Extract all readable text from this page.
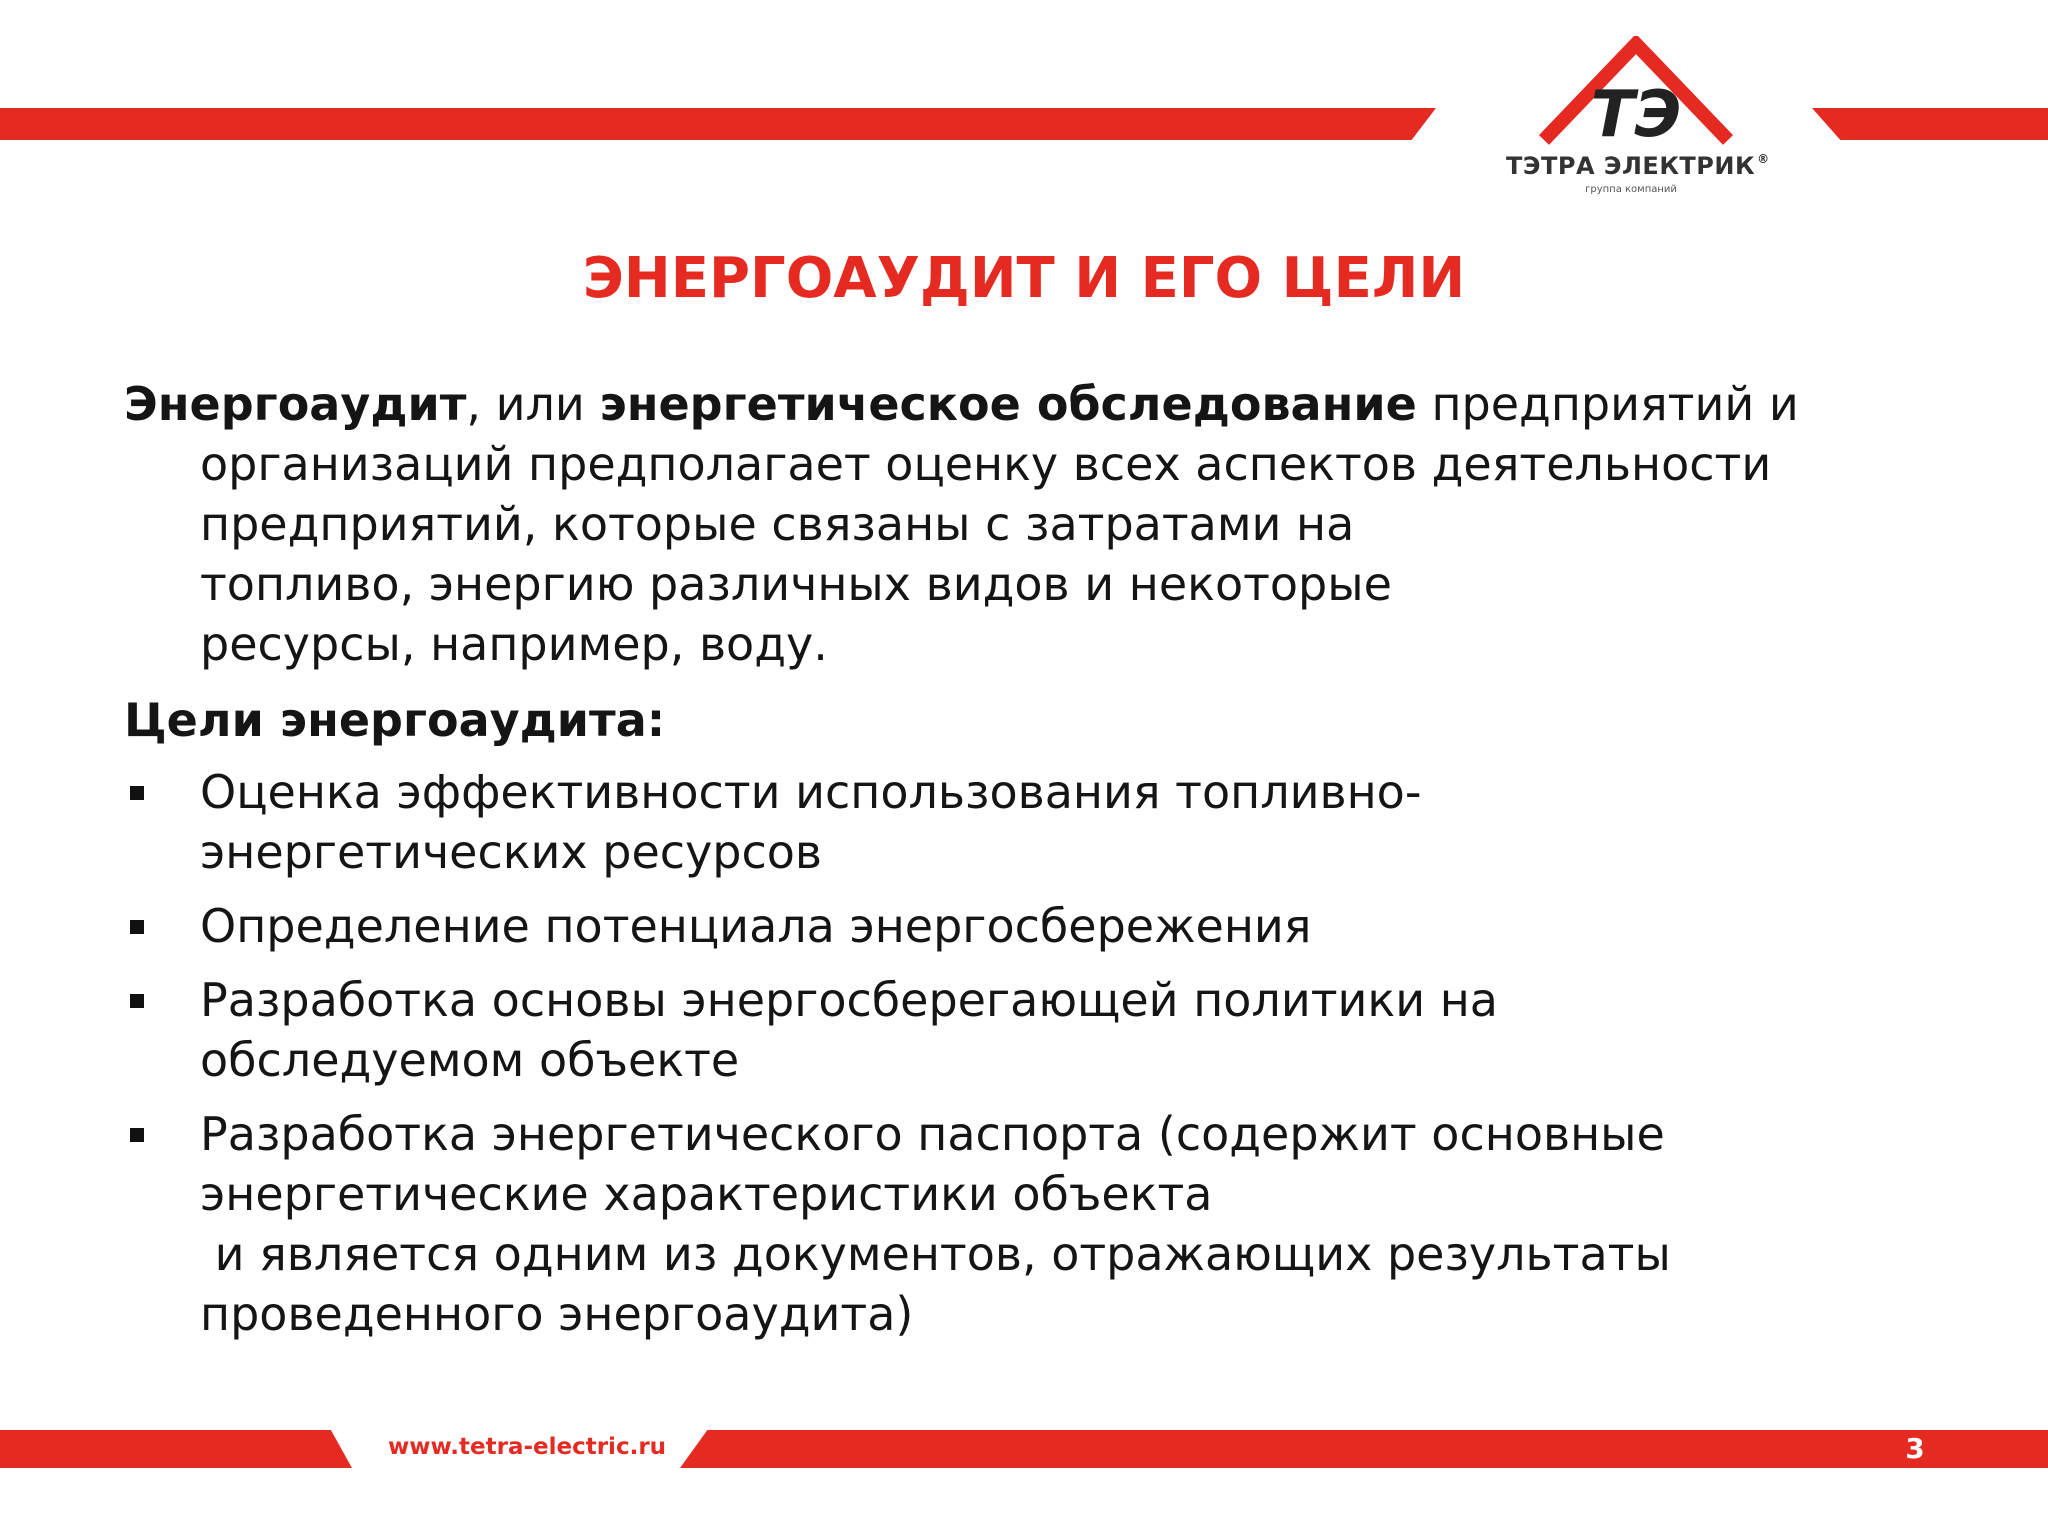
ТЭ
ТЭТРА ЭЛЕКТРИК ®
группа компаний
ЭНЕРГОАУДИТ И ЕГО ЦЕЛИ
Энергоаудит, или энергетическое обследование предприятий и
организаций предполагает оценку всех аспектов деятельности
предприятий, которые связаны с затратами на
топливо, энергию различных видов и некоторые
ресурсы, например, воду.
Цели энергоаудита:
Оценка эффективности использования топливно-
энергетических ресурсов
Определение потенциала энергосбережения
Разработка основы энергосберегающей политики на
обследуемом объекте
Разработка энергетического паспорта (содержит основные
энергетические характеристики объекта
и является одним из документов, отражающих результаты
проведенного энергоаудита)
www.tetra-electric.ru	3
